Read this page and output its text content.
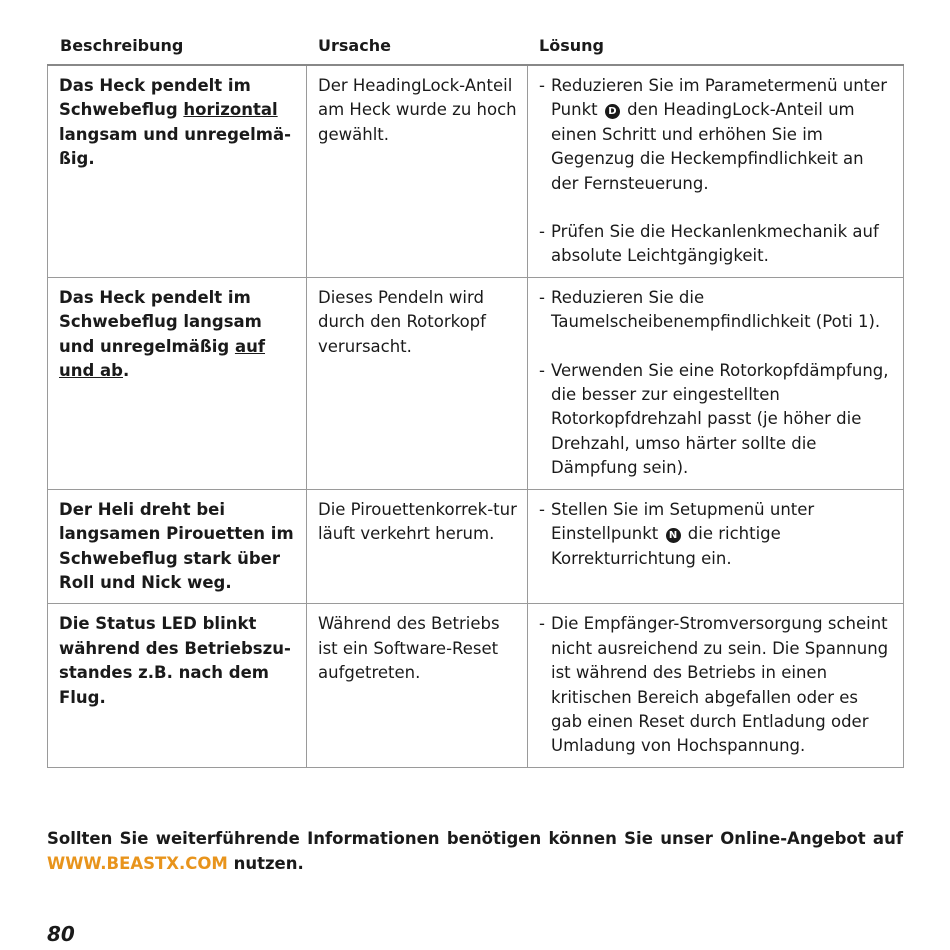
Beschreibung	Ursache	Lösung
Das Heck pendelt im Schwebeflug horizontal langsam und unregelmä-ßig.	Der HeadingLock-Anteil am Heck wurde zu hoch gewählt.	- Reduzieren Sie im Parametermenü unter Punkt D den HeadingLock-Anteil um einen Schritt und erhöhen Sie im Gegenzug die Heckempfindlichkeit an der Fernsteuerung.
- Prüfen Sie die Heckanlenkmechanik auf absolute Leichtgängigkeit.

Das Heck pendelt im Schwebeflug langsam und unregelmäßig auf und ab.	Dieses Pendeln wird durch den Rotorkopf verursacht.	- Reduzieren Sie die Taumelscheibenempfindlichkeit (Poti 1).
- Verwenden Sie eine Rotorkopfdämpfung, die besser zur eingestellten Rotorkopfdrehzahl passt (je höher die Drehzahl, umso härter sollte die Dämpfung sein).

Der Heli dreht bei langsamen Pirouetten im Schwebeflug stark über Roll und Nick weg.	Die Pirouettenkorrek-tur läuft verkehrt herum.	- Stellen Sie im Setupmenü unter Einstellpunkt N die richtige Korrekturrichtung ein.

Die Status LED blinkt während des Betriebszu-standes z.B. nach dem Flug.	Während des Betriebs ist ein Software-Reset aufgetreten.	- Die Empfänger-Stromversorgung scheint nicht ausreichend zu sein. Die Spannung ist während des Betriebs in einen kritischen Bereich abgefallen oder es gab einen Reset durch Entladung oder Umladung von Hochspannung.
Sollten Sie weiterführende Informationen benötigen können Sie unser Online-Angebot auf
WWW.BEASTX.COM nutzen.
80
